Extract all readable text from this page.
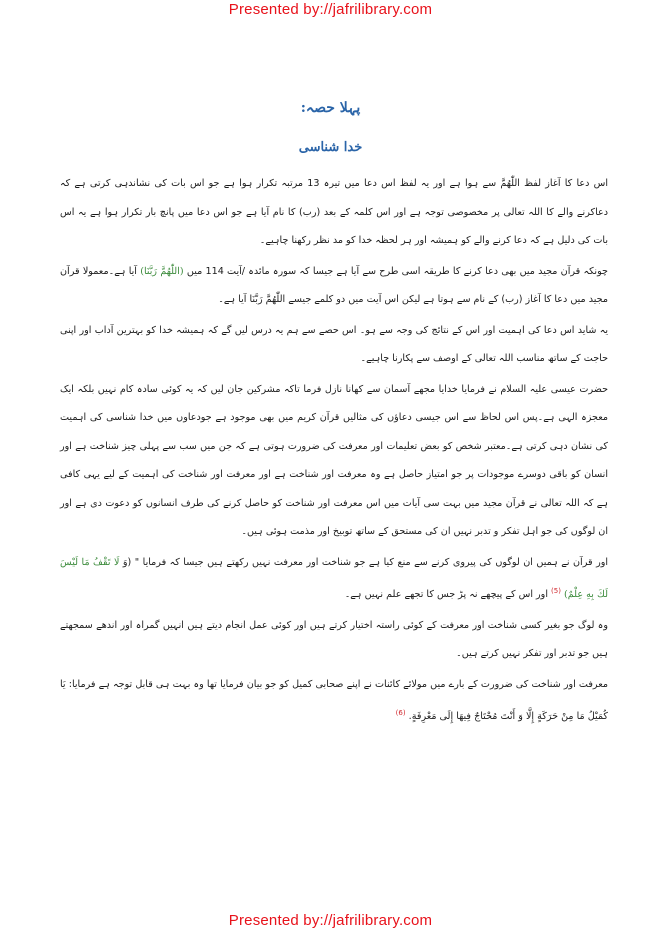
Presented by://jafrilibrary.com
پہلا حصہ:
خدا شناسی

اس دعا کا آغاز لفظ اللّٰھُمَّ سے ہوا ہے اور یہ لفظ اس دعا میں تیرہ 13 مرتبہ تکرار ہوا ہے جو اس بات کی نشاندہی کرتی ہے کہ دعاکرنے والے کا اللہ تعالی پر مخصوصی توجہ ہے اور اس کلمہ کے بعد (رب) کا نام آیا ہے جو اس دعا میں پانچ بار تکرار ہوا ہے یہ اس بات کی دلیل ہے کہ دعا کرنے والے کو ہمیشہ اور ہر لحظہ خدا کو مد نظر رکھنا چاہیے۔

چونکہ قرآن مجید میں بھی دعا کرنے کا طریقہ اسی طرح سے آیا ہے جیسا کہ سورہ مائدہ /آیت 114 میں (اللّٰهُمَّ رَبَّنَا) آیا ہے۔معمولا قرآن مجید میں دعا کا آغاز (رب) کے نام سے ہوتا ہے لیکن اس آیت میں دو کلمے جیسے اللّٰهُمَّ رَبَّنَا آیا ہے۔

یہ شاید اس دعا کی اہمیت اور اس کے نتائج کی وجہ سے ہو۔ اس حصے سے ہم یہ درس لیں گے کہ ہمیشہ خدا کو بہترین آداب اور اپنی حاجت کے ساتھ مناسب اللہ تعالی کے اوصف سے پکارنا چاہیے۔

حضرت عیسی علیہ السلام نے فرمایا خدایا مجھے آسمان سے کھانا نازل فرما تاکہ مشرکین جان لیں کہ یہ کوئی سادہ کام نہیں بلکہ ایک معجزہ الہی ہے۔پس اس لحاظ سے اس جیسی دعاؤں کی مثالیں قرآن کریم میں بھی موجود ہے جودعاوں میں خدا شناسی کی اہمیت کی نشان دہی کرتی ہے۔معتبر شخص کو بعض تعلیمات اور معرفت کی ضرورت ہوتی ہے کہ جن میں سب سے پہلی چیز شناخت ہے اور انسان کو باقی دوسرے موجودات پر جو امتیاز حاصل ہے وہ معرفت اور شناخت ہے اور معرفت اور شناخت کی اہمیت کے لیے یہی کافی ہے کہ اللہ تعالی نے قرآن مجید میں بہت سی آیات میں اس معرفت اور شناخت کو حاصل کرنے کی طرف انسانوں کو دعوت دی ہے اور ان لوگوں کی جو اہل تفکر و تدبر نہیں ان کی مستحق کے ساتھ توبیخ اور مذمت ہوئی ہیں۔

اور قرآن نے ہمیں ان لوگوں کی پیروی کرنے سے منع کیا ہے جو شناخت اور معرفت نہیں رکھتے ہیں جیسا کہ فرمایا " (وَ لَا تَقْفُ مَا لَيْسَ لَكَ بِهِ عِلْمٌ) $^{(5)}$ اور اس کے پیچھے نہ پڑ جس کا تجھے علم نہیں ہے۔

وہ لوگ جو بغیر کسی شناخت اور معرفت کے کوئی راستہ اختیار کرتے ہیں اور کوئی عمل انجام دیتے ہیں انہیں گمراہ اور اندھے سمجھتے ہیں جو تدبر اور تفکر نہیں کرتے ہیں۔

معرفت اور شناخت کی ضرورت کے بارے میں مولائے کائنات نے اپنے صحابی کمیل کو جو بیان فرمایا تھا وہ بہت ہی قابل توجہ ہے فرمایا: يَا كُمَيْلُ مَا مِنْ حَرَكَةٍ إِلَّا وَ أَنْتَ مُحْتَاجٌ فِيهَا إِلَى مَعْرِفَةٍ. $^{(6)}$

Presented by://jafrilibrary.com
